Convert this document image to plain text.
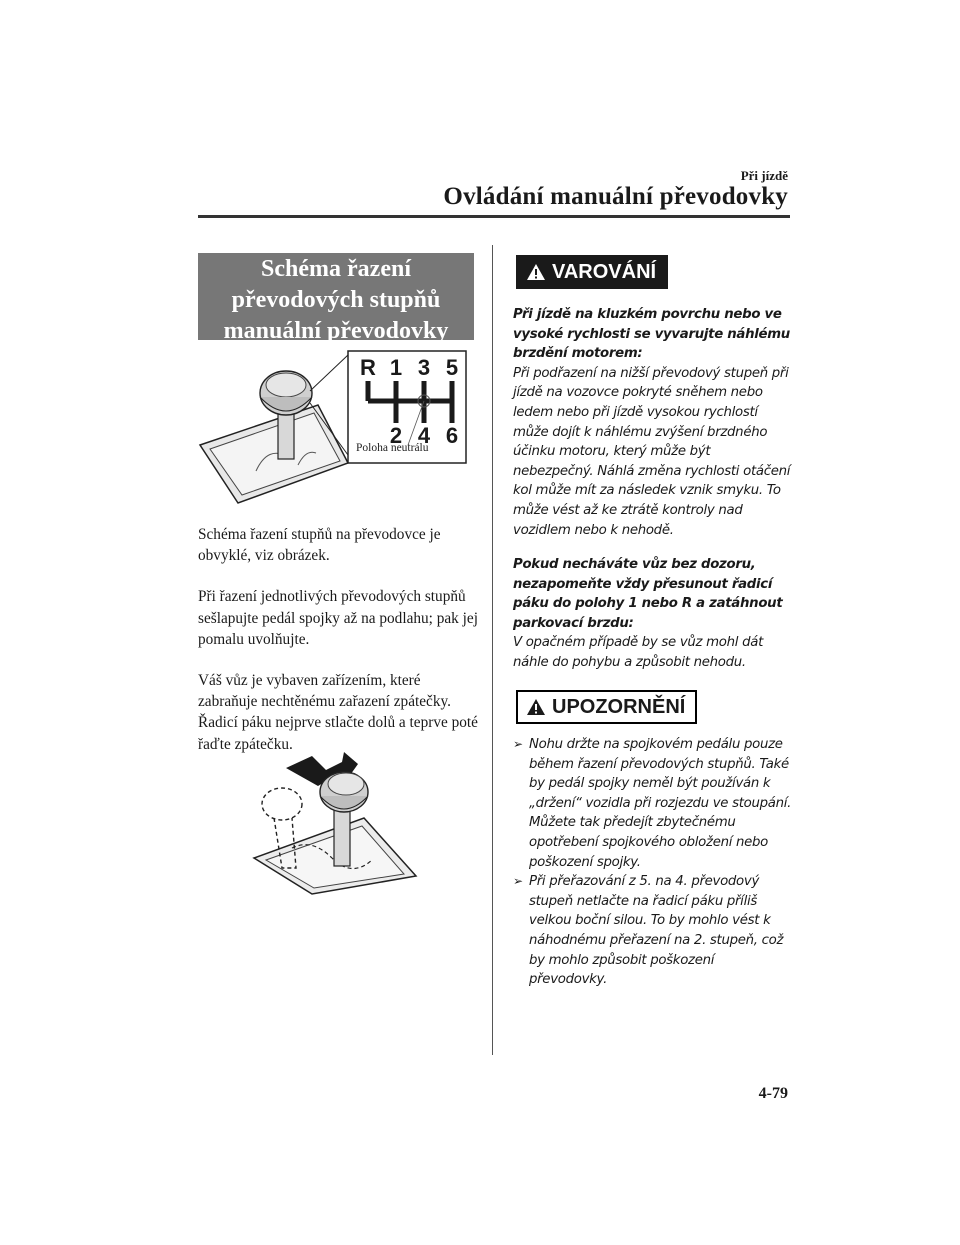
Při jízdě
Ovládání manuální převodovky
Schéma řazení
převodových stupňů
manuální převodovky
R 1 3 5
2 4 6
Poloha neutrálu

Schéma řazení stupňů na převodovce je obvyklé, viz obrázek.

Při řazení jednotlivých převodových stupňů sešlapujte pedál spojky až na podlahu; pak jej pomalu uvolňujte.

Váš vůz je vybaven zařízením, které zabraňuje nechtěnému zařazení zpátečky. Řadicí páku nejprve stlačte dolů a teprve poté řaďte zpátečku.

VAROVÁNÍ

Při jízdě na kluzkém povrchu nebo ve vysoké rychlosti se vyvarujte náhlému brzdění motorem:

Při podřazení na nižší převodový stupeň při jízdě na vozovce pokryté sněhem nebo ledem nebo při jízdě vysokou rychlostí může dojít k náhlému zvýšení brzdného účinku motoru, který může být nebezpečný. Náhlá změna rychlosti otáčení kol může mít za následek vznik smyku. To může vést až ke ztrátě kontroly nad vozidlem nebo k nehodě.

Pokud necháváte vůz bez dozoru, nezapomeňte vždy přesunout řadicí páku do polohy 1 nebo R a zatáhnout parkovací brzdu:

V opačném případě by se vůz mohl dát náhle do pohybu a způsobit nehodu.

UPOZORNĚNÍ
➢ Nohu držte na spojkovém pedálu pouze během řazení převodových stupňů. Také by pedál spojky neměl být používán k „držení“ vozidla při rozjezdu ve stoupání. Můžete tak předejít zbytečnému opotřebení spojkového obložení nebo poškození spojky.
➢ Při přeřazování z 5. na 4. převodový stupeň netlačte na řadicí páku příliš velkou boční silou. To by mohlo vést k náhodnému přeřazení na 2. stupeň, což by mohlo způsobit poškození převodovky.
4-79
